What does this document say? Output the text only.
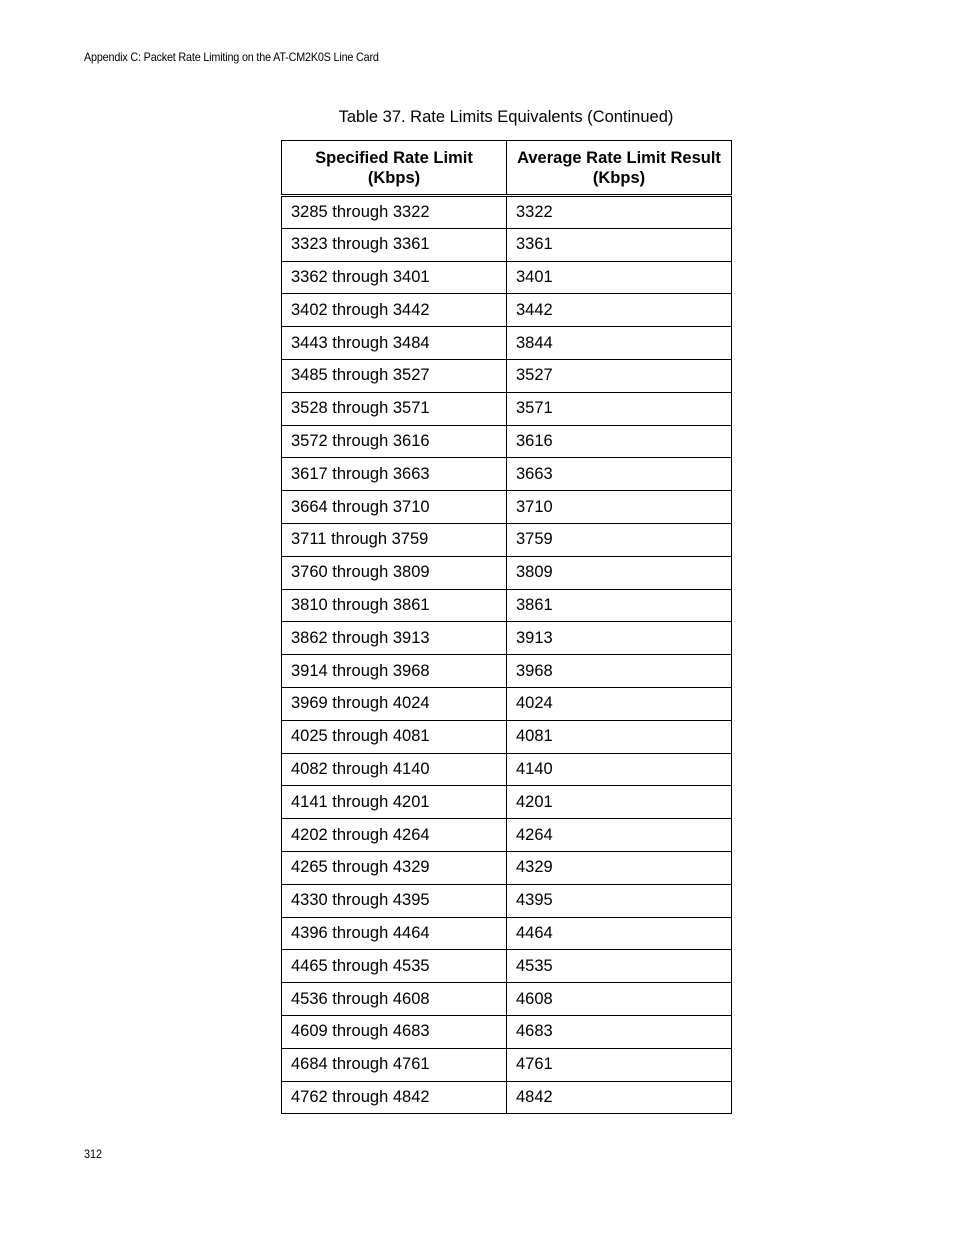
Appendix C: Packet Rate Limiting on the AT-CM2K0S Line Card
Table 37. Rate Limits Equivalents (Continued)
Specified Rate Limit (Kbps)	Average Rate Limit Result (Kbps)
3285 through 3322	3322
3323 through 3361	3361
3362 through 3401	3401
3402 through 3442	3442
3443 through 3484	3844
3485 through 3527	3527
3528 through 3571	3571
3572 through 3616	3616
3617 through 3663	3663
3664 through 3710	3710
3711 through 3759	3759
3760 through 3809	3809
3810 through 3861	3861
3862 through 3913	3913
3914 through 3968	3968
3969 through 4024	4024
4025 through 4081	4081
4082 through 4140	4140
4141 through 4201	4201
4202 through 4264	4264
4265 through 4329	4329
4330 through 4395	4395
4396 through 4464	4464
4465 through 4535	4535
4536 through 4608	4608
4609 through 4683	4683
4684 through 4761	4761
4762 through 4842	4842
312
